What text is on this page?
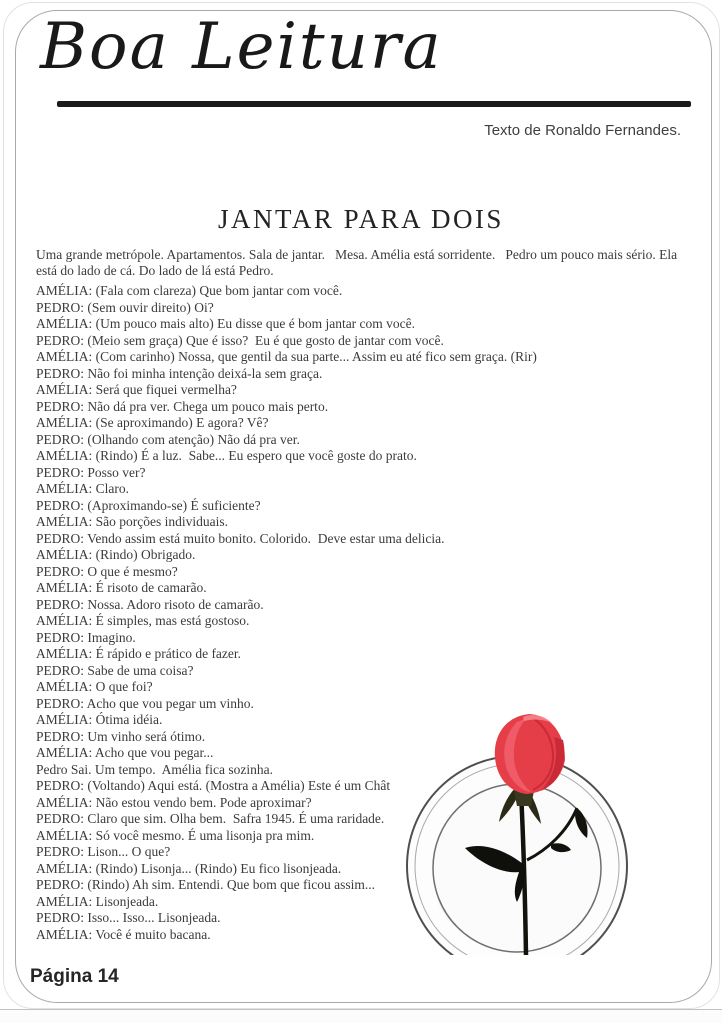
Boa Leitura
Texto de Ronaldo Fernandes.
JANTAR PARA DOIS

Uma grande metrópole. Apartamentos. Sala de jantar.   Mesa. Amélia está sorridente.   Pedro um pouco mais sério. Ela está do lado de cá. Do lado de lá está Pedro.

AMÉLIA: (Fala com clareza) Que bom jantar com você.
PEDRO: (Sem ouvir direito) Oi?
AMÉLIA: (Um pouco mais alto) Eu disse que é bom jantar com você.
PEDRO: (Meio sem graça) Que é isso?  Eu é que gosto de jantar com você.
AMÉLIA: (Com carinho) Nossa, que gentil da sua parte... Assim eu até fico sem graça. (Rir)
PEDRO: Não foi minha intenção deixá-la sem graça.
AMÉLIA: Será que fiquei vermelha?
PEDRO: Não dá pra ver. Chega um pouco mais perto.
AMÉLIA: (Se aproximando) E agora? Vê?
PEDRO: (Olhando com atenção) Não dá pra ver.
AMÉLIA: (Rindo) É a luz.  Sabe... Eu espero que você goste do prato.
PEDRO: Posso ver?
AMÉLIA: Claro.
PEDRO: (Aproximando-se) É suficiente?
AMÉLIA: São porções individuais.
PEDRO: Vendo assim está muito bonito. Colorido.  Deve estar uma delicia.
AMÉLIA: (Rindo) Obrigado.
PEDRO: O que é mesmo?
AMÉLIA: É risoto de camarão.
PEDRO: Nossa. Adoro risoto de camarão.
AMÉLIA: É simples, mas está gostoso.
PEDRO: Imagino.
AMÉLIA: É rápido e prático de fazer.
PEDRO: Sabe de uma coisa?
AMÉLIA: O que foi?
PEDRO: Acho que vou pegar um vinho.
AMÉLIA: Ótima idéia.
PEDRO: Um vinho será ótimo.
AMÉLIA: Acho que vou pegar...
Pedro Sai. Um tempo.  Amélia fica sozinha.
PEDRO: (Voltando) Aqui está. (Mostra a Amélia) Este é um Chât
AMÉLIA: Não estou vendo bem. Pode aproximar?
PEDRO: Claro que sim. Olha bem.  Safra 1945. É uma raridade.
AMÉLIA: Só você mesmo. É uma lisonja pra mim.
PEDRO: Lison... O que?
AMÉLIA: (Rindo) Lisonja... (Rindo) Eu fico lisonjeada.
PEDRO: (Rindo) Ah sim. Entendi. Que bom que ficou assim...
AMÉLIA: Lisonjeada.
PEDRO: Isso... Isso... Lisonjeada.
AMÉLIA: Você é muito bacana.
Página 14
